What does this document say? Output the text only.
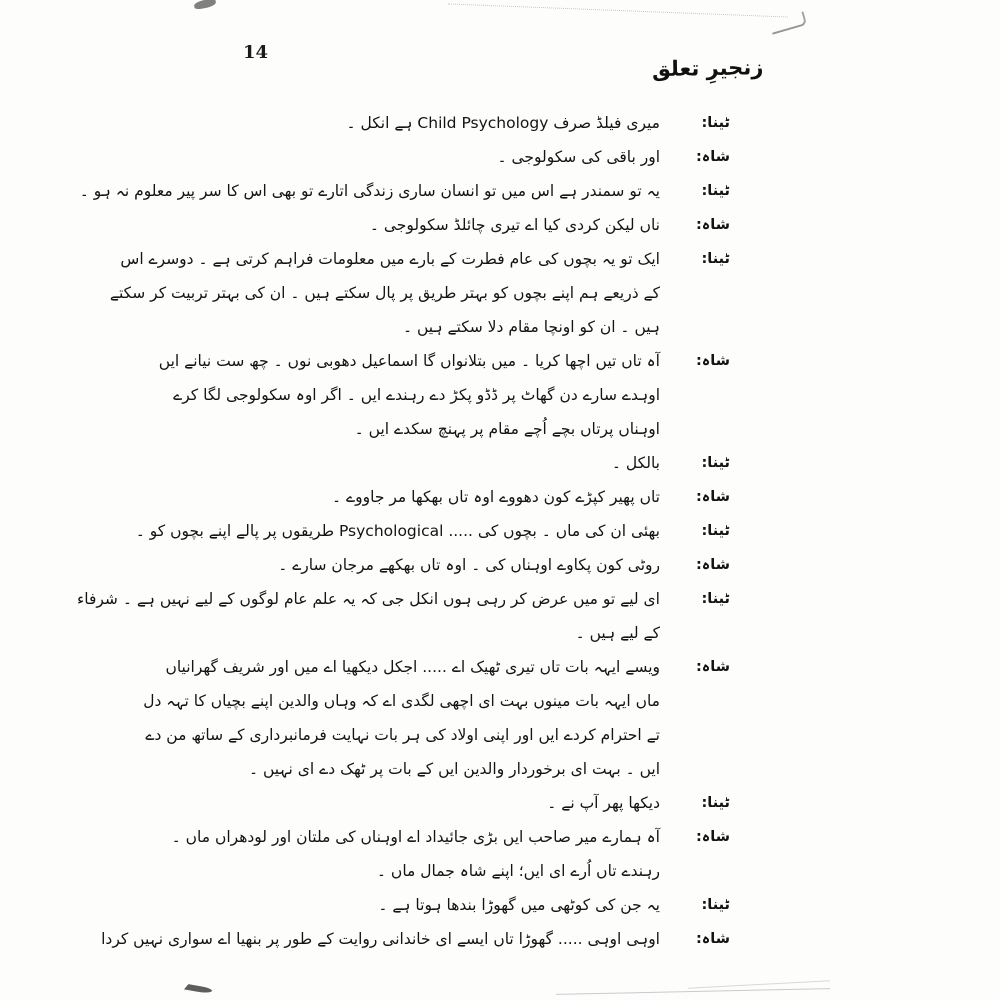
14
زنجیرِ تعلق
ٹینا:
میری فیلڈ صرف Child Psychology ہے انکل ۔
شاہ:
اور باقی کی سکولوجی ۔
ٹینا:
یہ تو سمندر ہے اس میں تو انسان ساری زندگی اتارے تو بھی اس کا سر پیر معلوم نہ ہو ۔
شاہ:
ناں لیکن کردی کیا اے تیری چائلڈ سکولوجی ۔
ٹینا:
ایک تو یہ بچوں کی عام فطرت کے بارے میں معلومات فراہم کرتی ہے ۔ دوسرے اس
کے ذریعے ہم اپنے بچوں کو بہتر طریق پر پال سکتے ہیں ۔ ان کی بہتر تربیت کر سکتے
ہیں ۔ ان کو اونچا مقام دلا سکتے ہیں ۔
شاہ:
آہ تاں تیں اچھا کریا ۔ میں بتلانواں گا اسماعیل دھوبی نوں ۔ چھ ست نیانے ایں
اوہدے سارے دن گھاٹ پر ڈڈو پکڑ دے رہندے ایں ۔ اگر اوہ سکولوجی لگا کرے
اوہناں پرتاں بچے اُچے مقام پر پہنچ سکدے ایں ۔
ٹینا:
بالکل ۔
شاہ:
تاں پھیر کپڑے کون دھووے اوہ تاں بھکھا مر جاووے ۔
ٹینا:
بھئی ان کی ماں ۔ بچوں کی ..... Psychological طریقوں پر پالے اپنے بچوں کو ۔
شاہ:
روٹی کون پکاوے اوہناں کی ۔ اوہ تاں بھکھے مرجان سارے ۔
ٹینا:
ای لیے تو میں عرض کر رہی ہوں انکل جی کہ یہ علم عام لوگوں کے لیے نہیں ہے ۔ شرفاء
کے لیے ہیں ۔
شاہ:
ویسے ایہہ بات تاں تیری ٹھیک اے ..... اجکل دیکھیا اے میں اور شریف گھرانیاں
ماں ایہہ بات مینوں بہت ای اچھی لگدی اے کہ وہاں والدین اپنے بچیاں کا تہہ دل
تے احترام کردے ایں اور اپنی اولاد کی ہر بات نہایت فرمانبرداری کے ساتھ من دے
ایں ۔ بہت ای برخوردار والدین ایں کے بات پر ٹھک دے ای نہیں ۔
ٹینا:
دیکھا پھر آپ نے ۔
شاہ:
آہ ہمارے میر صاحب ایں بڑی جائیداد اے اوہناں کی ملتان اور لودھراں ماں ۔
رہندے تاں اُرے ای ایں؛ اپنے شاہ جمال ماں ۔
ٹینا:
یہ جن کی کوٹھی میں گھوڑا بندھا ہوتا ہے ۔
شاہ:
اوہی اوہی ..... گھوڑا تاں ایسے ای خاندانی روایت کے طور پر بنھیا اے سواری نہیں کردا
